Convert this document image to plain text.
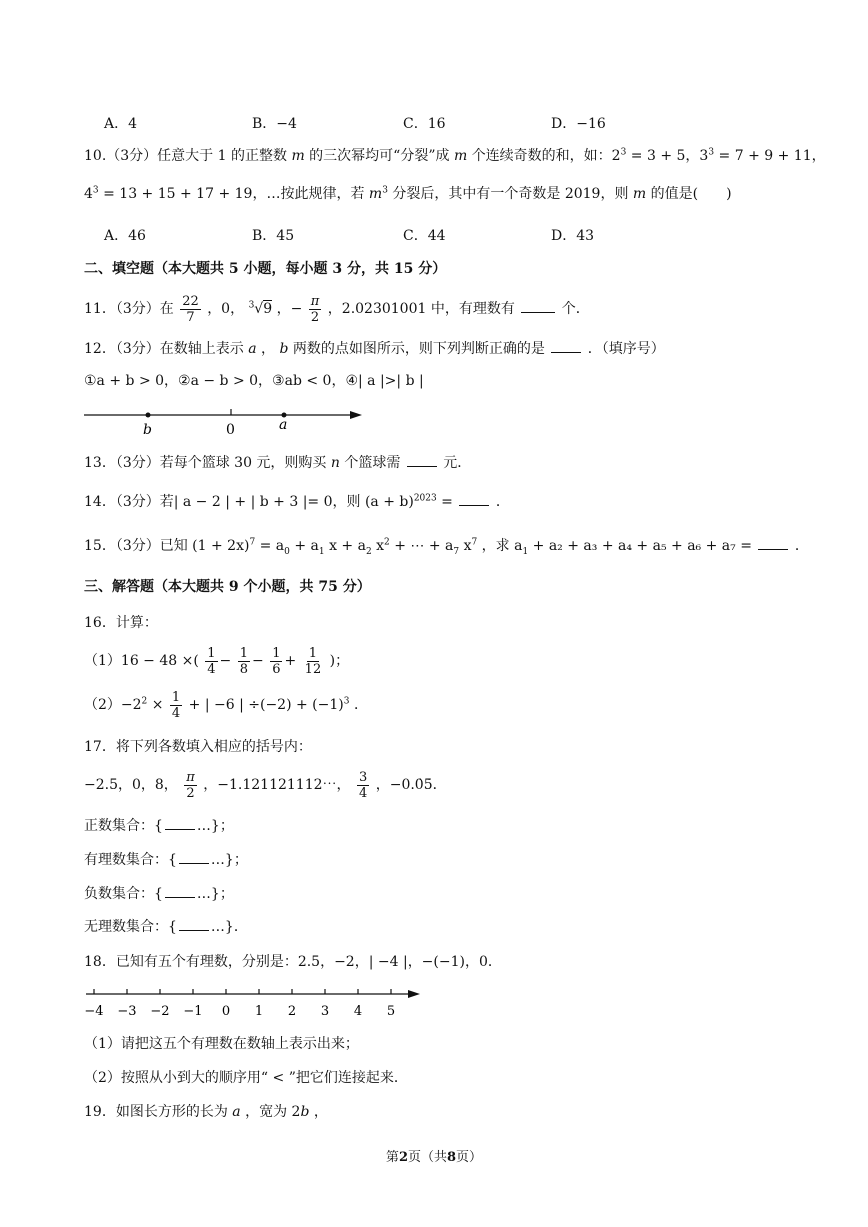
A．4	B．−4	C．16	D．−16
10.（3分）任意大于 1 的正整数 m 的三次幂均可“分裂”成 m 个连续奇数的和，如：$2^3 = 3 + 5$，$3^3 = 7 + 9 + 11$，
$4^3 = 13 + 15 + 17 + 19$，…按此规律，若 $m^3$ 分裂后，其中有一个奇数是 2019，则 m 的值是(　　)
A．46	B．45	C．44	D．43
二、填空题（本大题共 5 小题，每小题 3 分，共 15 分）
11．（3分）在 $\frac{22}{7}$ ，0， $^3$√9 ，− $\frac{\pi}{2}$ ，2.02301001 中，有理数有	个．
12．（3分）在数轴上表示 a ， b 两数的点如图所示，则下列判断正确的是	．（填序号）
①a + b > 0，②a − b > 0，③ab < 0，④| a |>| b |
b	0	a
13．（3分）若每个篮球 30 元，则购买 n 个篮球需	元．
14．（3分）若| a − 2 | + | b + 3 |= 0，则 $(a + b)^{2023}$ =	．
15．（3分）已知 $(1 + 2x)^7 = a_0 + a_1$ $x + a_2$ $x^2$ + ⋯ + $a_7$ $x^7$ ，求 $a_1 + a_2 + a_3 + a_4 + a_5 + a_6 + a_7$ =	．
三、解答题（本大题共 9 个小题，共 75 分）
16．计算：
（1）16 − 48 ×( $\frac{1}{4} - \frac{1}{8} - \frac{1}{6} + \frac{1}{12}$ )；
$(2)-2^2 \times \frac{1}{4}$ + | −6 | $\div(-2) + (-1)^3$ ．
17．将下列各数填入相应的括号内：
−2.5，0，8， $\frac{\pi}{2}$ ，−1.121121112⋯， $\frac{3}{4}$ ，−0.0̇5̇．
正数集合：{ …}；
有理数集合：{ …}；
负数集合：{ …}；
无理数集合：{ …}．
18．已知有五个有理数，分别是：2.5，−2，| −4 |，−(−1)，0．
−4 −3 −2 −1 0 1 2 3 4 5
（1）请把这五个有理数在数轴上表示出来；
（2）按照从小到大的顺序用“ < ”把它们连接起来．
19．如图长方形的长为 a ，宽为 2b ，
第2页（共8页）
